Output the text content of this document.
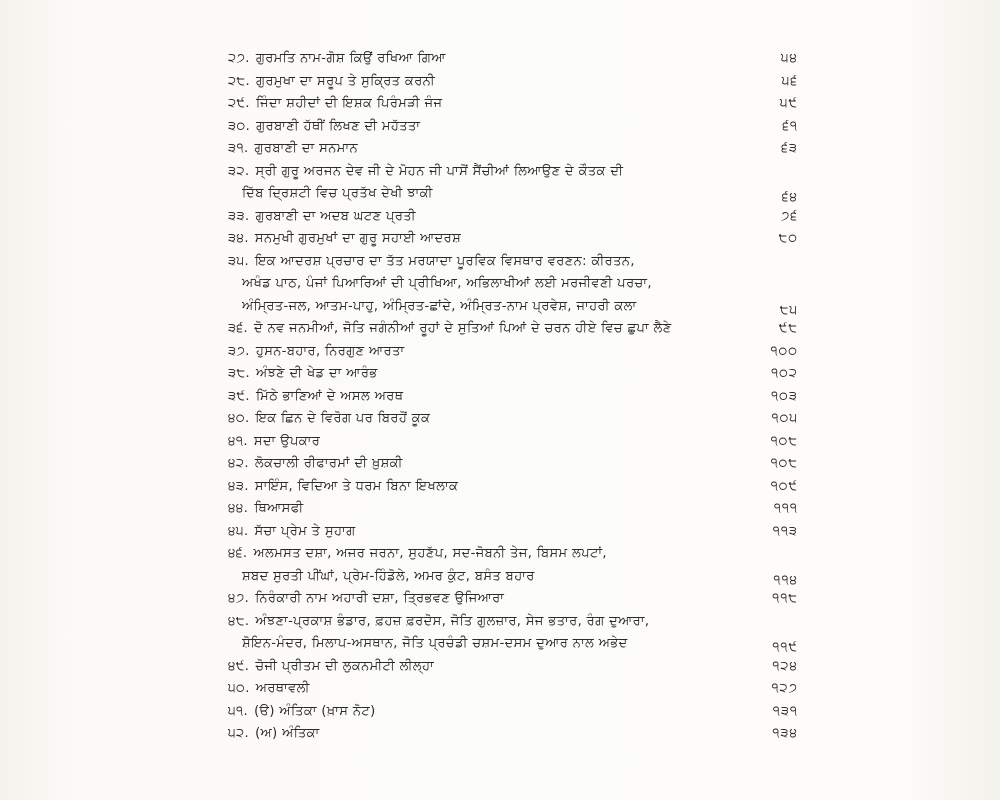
੨੭. ਗੁਰਮਤਿ ਨਾਮ-ਗੋਸ਼ ਕਿਉਂ ਰਖਿਆ ਗਿਆ	੫੪
੨੮. ਗੁਰਮੁਖਾ ਦਾ ਸਰੂਪ ਤੇ ਸੁਕ੍ਰਿਤ ਕਰਨੀ	੫੬
੨੯. ਜਿੰਦਾ ਸ਼ਹੀਦਾਂ ਦੀ ਇਸ਼ਕ ਪਿਰੰਮੜੀ ਜੰਜ	੫੯
੩੦. ਗੁਰਬਾਣੀ ਹੱਥੀਂ ਲਿਖਣ ਦੀ ਮਹੱਤਤਾ	੬੧
੩੧. ਗੁਰਬਾਣੀ ਦਾ ਸਨਮਾਨ	੬੩
੩੨. ਸ੍ਰੀ ਗੁਰੂ ਅਰਜਨ ਦੇਵ ਜੀ ਦੇ ਮੋਹਨ ਜੀ ਪਾਸੋਂ ਸੈਂਚੀਆਂ ਲਿਆਉਣ ਦੇ ਕੌਤਕ ਦੀ
ਦਿੱਬ ਦ੍ਰਿਸ਼ਟੀ ਵਿਚ ਪ੍ਰਤੱਖ ਦੇਖੀ ਝਾਕੀ	੬੪
੩੩. ਗੁਰਬਾਣੀ ਦਾ ਅਦਬ ਘਟਣ ਪ੍ਰਤੀ	੭੬
੩੪. ਸਨਮੁਖੀ ਗੁਰਮੁਖਾਂ ਦਾ ਗੁਰੂ ਸਹਾਈ ਆਦਰਸ਼	੮੦
੩੫. ਇਕ ਆਦਰਸ਼ ਪ੍ਰਚਾਰ ਦਾ ਤੱਤ ਮਰਯਾਦਾ ਪੂਰਵਿਕ ਵਿਸਥਾਰ ਵਰਣਨ: ਕੀਰਤਨ,
ਅਖੰਡ ਪਾਠ, ਪੰਜਾਂ ਪਿਆਰਿਆਂ ਦੀ ਪ੍ਰੀਖਿਆ, ਅਭਿਲਾਖੀਆਂ ਲਈ ਮਰਜੀਵਣੀ ਪਰਚਾ,
ਅੰਮ੍ਰਿਤ-ਜਲ, ਆਤਮ-ਪਾਹੁ, ਅੰਮ੍ਰਿਤ-ਛਾਂਦੇ, ਅੰਮ੍ਰਿਤ-ਨਾਮ ਪ੍ਰਵੇਸ਼, ਜਾਹਰੀ ਕਲਾ	੮੫
੩੬. ਦੋ ਨਵ ਜਨਮੀਆਂ, ਜੋਤਿ ਜਗੰਨੀਆਂ ਰੂਹਾਂ ਦੇ ਸੁਤਿਆਂ ਪਿਆਂ ਦੇ ਚਰਨ ਹੀਏ ਵਿਚ ਛੁਪਾ ਲੈਣੇ	੯੮
੩੭. ਹੁਸਨ-ਬਹਾਰ, ਨਿਰਗੁਣ ਆਰਤਾ	੧੦੦
੩੮. ਅੰਝਣੇ ਦੀ ਖੇਡ ਦਾ ਆਰੰਭ	੧੦੨
੩੯. ਮਿੱਠੇ ਭਾਣਿਆਂ ਦੇ ਅਸਲ ਅਰਥ	੧੦੩
੪੦. ਇਕ ਛਿਨ ਦੇ ਵਿਰੋਗ ਪਰ ਬਿਰਹੋਂ ਕੂਕ	੧੦੫
੪੧. ਸਦਾ ਉਪਕਾਰ	੧੦੮
੪੨. ਲੋਕਚਾਲੀ ਰੀਫਾਰਮਾਂ ਦੀ ਖ਼ੁਸ਼ਕੀ	੧੦੮
੪੩. ਸਾਇੰਸ, ਵਿਦਿਆ ਤੇ ਧਰਮ ਬਿਨਾ ਇਖਲਾਕ	੧੦੯
੪੪. ਥਿਆਸਫੀ	੧੧੧
੪੫. ਸੱਚਾ ਪ੍ਰੇਮ ਤੇ ਸੁਹਾਗ	੧੧੩
੪੬. ਅਲਮਸਤ ਦਸ਼ਾ, ਅਜਰ ਜਰਨਾ, ਸੁਹਣੱਪ, ਸਦ-ਜੋਬਨੀ ਤੇਜ, ਬਿਸਮ ਲਪਟਾਂ,
ਸ਼ਬਦ ਸੁਰਤੀ ਪੀਂਘਾਂ, ਪ੍ਰੇਮ-ਹਿੰਡੋਲੇ, ਅਮਰ ਕੁੰਟ, ਬਸੰਤ ਬਹਾਰ	੧੧੪
੪੭. ਨਿਰੰਕਾਰੀ ਨਾਮ ਅਹਾਰੀ ਦਸ਼ਾ, ਤ੍ਰਿਭਵਣ ਉਜਿਆਰਾ	੧੧੮
੪੮. ਅੰਝਣਾ-ਪ੍ਰਕਾਸ਼ ਭੰਡਾਰ, ਫ਼ਹਜ਼ ਫ਼ਰਦੋਸ, ਜੋਤਿ ਗੁਲਜ਼ਾਰ, ਸੇਜ ਭਤਾਰ, ਰੰਗ ਦੁਆਰਾ,
ਸ਼ੋਇਨ-ਮੰਦਰ, ਮਿਲਾਪ-ਅਸਥਾਨ, ਜੋਤਿ ਪ੍ਰਚੰਡੀ ਚਸ਼ਮ-ਦਸਮ ਦੁਆਰ ਨਾਲ ਅਭੇਦ	੧੧੯
੪੯. ਚੋਜੀ ਪ੍ਰੀਤਮ ਦੀ ਲੁਕਨਮੀਟੀ ਲੀਲ੍ਹਾ	੧੨੪
੫੦. ਅਰਥਾਵਲੀ	੧੨੭
੫੧. (ੳ) ਅੰਤਿਕਾ (ਖ਼ਾਸ ਨੋਟ)	੧੩੧
੫੨. (ਅ) ਅੰਤਿਕਾ	੧੩੪
